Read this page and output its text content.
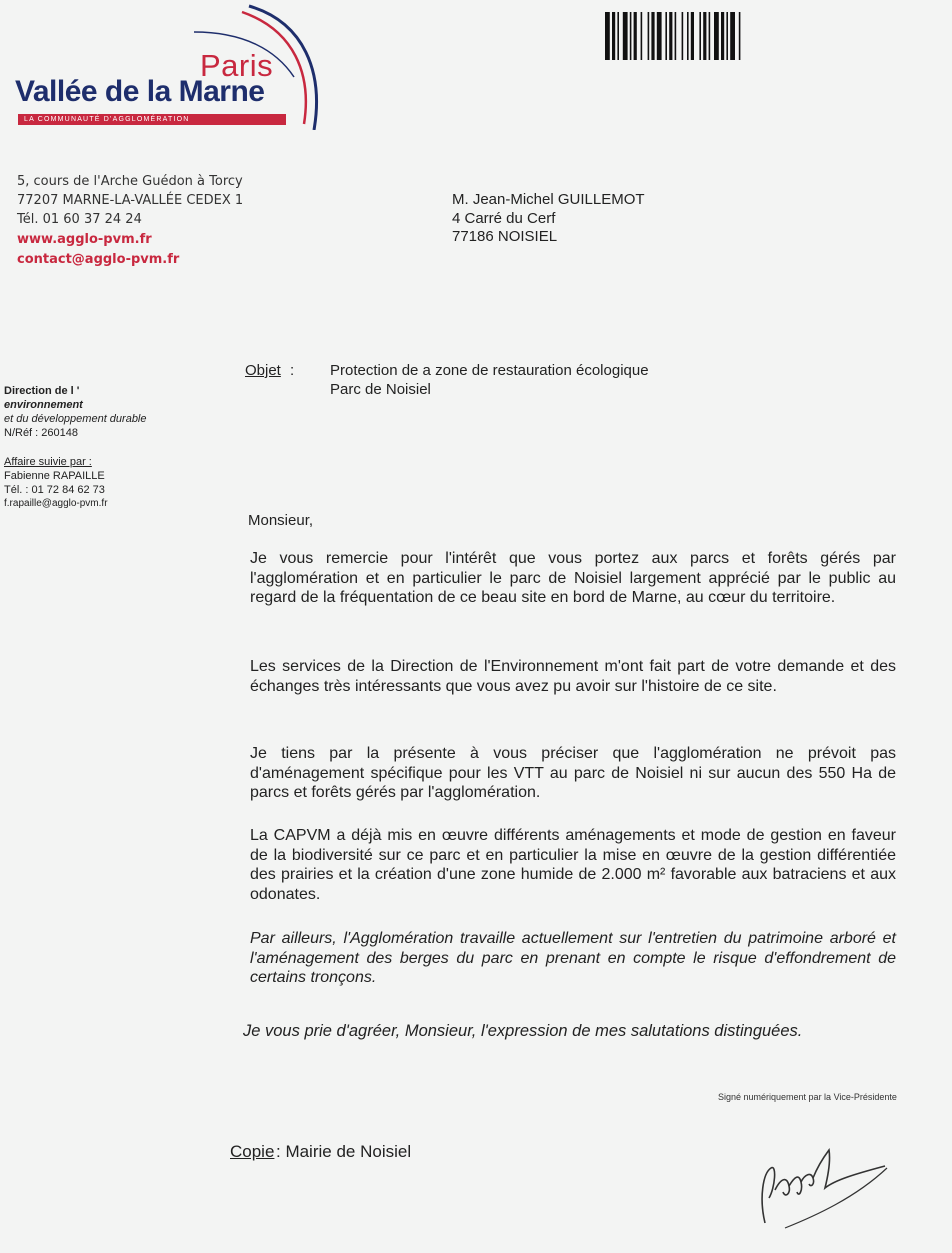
Paris
Vallée de la Marne
LA COMMUNAUTÉ D'AGGLOMÉRATION
5, cours de l'Arche Guédon à Torcy
77207 MARNE-LA-VALLÉE CEDEX 1
Tél. 01 60 37 24 24
www.agglo-pvm.fr
contact@agglo-pvm.fr
M. Jean-Michel GUILLEMOT
4 Carré du Cerf
77186 NOISIEL
Direction de l '
environnement
et du développement durable
N/Réf : 260148
Affaire suivie par :
Fabienne RAPAILLE
Tél. : 01 72 84 62 73
f.rapaille@agglo-pvm.fr
Objet : Protection de a zone de restauration écologique
Parc de Noisiel
Monsieur,
Je vous remercie pour l'intérêt que vous portez aux parcs et forêts gérés par l'agglomération et en particulier le parc de Noisiel largement apprécié par le public au regard de la fréquentation de ce beau site en bord de Marne, au cœur du territoire.
Les services de la Direction de l'Environnement m'ont fait part de votre demande et des échanges très intéressants que vous avez pu avoir sur l'histoire de ce site.
Je tiens par la présente à vous préciser que l'agglomération ne prévoit pas d'aménagement spécifique pour les VTT au parc de Noisiel ni sur aucun des 550 Ha de parcs et forêts gérés par l'agglomération.
La CAPVM a déjà mis en œuvre différents aménagements et mode de gestion en faveur de la biodiversité sur ce parc et en particulier la mise en œuvre de la gestion différentiée des prairies et la création d'une zone humide de 2.000 m² favorable aux batraciens et aux odonates.
Par ailleurs, l'Agglomération travaille actuellement sur l'entretien du patrimoine arboré et l'aménagement des berges du parc en prenant en compte le risque d'effondrement de certains tronçons.
Je vous prie d'agréer, Monsieur, l'expression de mes salutations distinguées.
Signé numériquement par la Vice-Présidente
Copie : Mairie de Noisiel
